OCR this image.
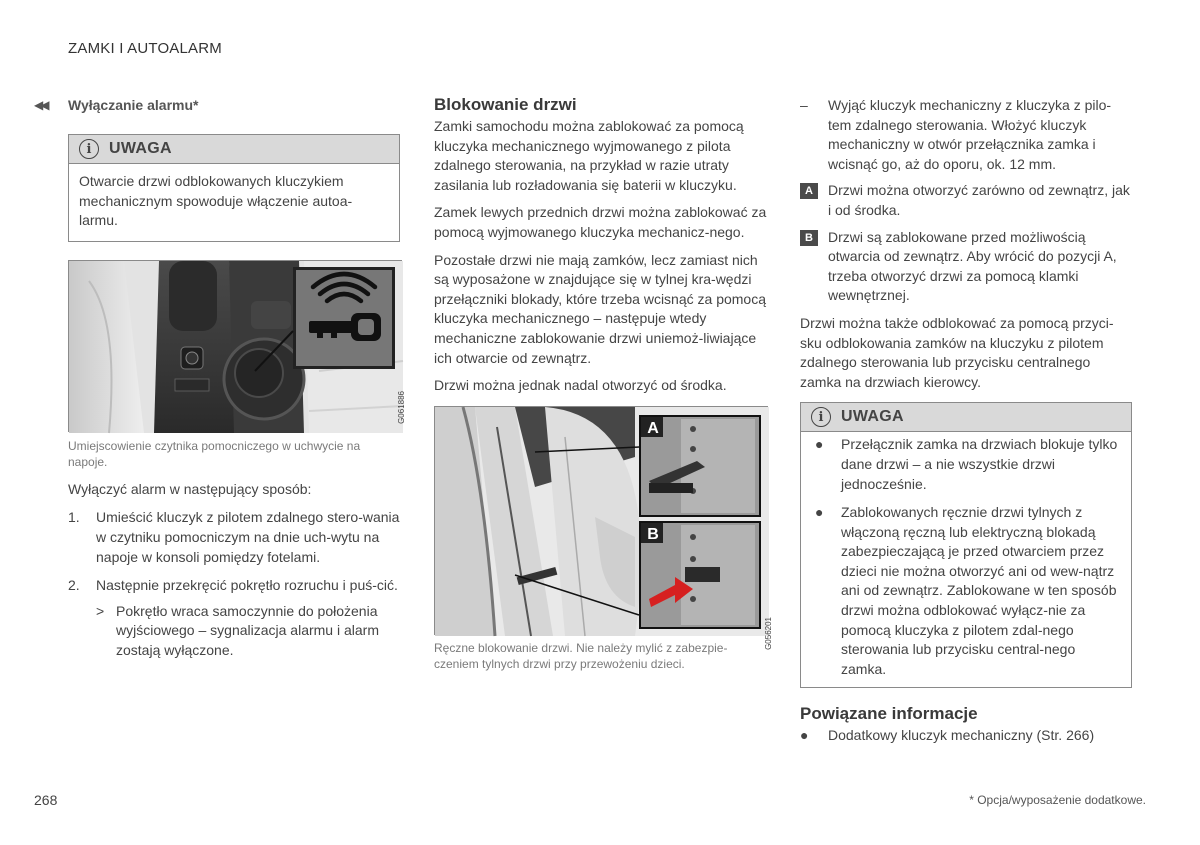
ZAMKI I AUTOALARM
◀◀ Wyłączanie alarmu*
i	UWAGA

Otwarcie drzwi odblokowanych kluczykiem mechanicznym spowoduje włączenie autoa-larmu.

G061886
Umiejscowienie czytnika pomocniczego w uchwycie na napoje.

Wyłączyć alarm w następujący sposób:

1. Umieścić kluczyk z pilotem zdalnego stero-wania w czytniku pomocniczym na dnie uch-wytu na napoje w konsoli pomiędzy fotelami.
2. Następnie przekręcić pokrętło rozruchu i puś-cić.
> Pokrętło wraca samoczynnie do położenia wyjściowego – sygnalizacja alarmu i alarm zostają wyłączone.
Blokowanie drzwi

Zamki samochodu można zablokować za pomocą kluczyka mechanicznego wyjmowanego z pilota zdalnego sterowania, na przykład w razie utraty zasilania lub rozładowania się baterii w kluczyku.

Zamek lewych przednich drzwi można zablokować za pomocą wyjmowanego kluczyka mechanicz-nego.

Pozostałe drzwi nie mają zamków, lecz zamiast nich są wyposażone w znajdujące się w tylnej kra-wędzi przełączniki blokady, które trzeba wcisnąć za pomocą kluczyka mechanicznego – następuje wtedy mechaniczne zablokowanie drzwi uniemoż-liwiające ich otwarcie od zewnątrz.

Drzwi można jednak nadal otworzyć od środka.

A
B
G056201
Ręczne blokowanie drzwi. Nie należy mylić z zabezpie-czeniem tylnych drzwi przy przewożeniu dzieci.
– Wyjąć kluczyk mechaniczny z kluczyka z pilo-tem zdalnego sterowania. Włożyć kluczyk mechaniczny w otwór przełącznika zamka i wcisnąć go, aż do oporu, ok. 12 mm.
A	Drzwi można otworzyć zarówno od zewnątrz, jak i od środka.
B	Drzwi są zablokowane przed możliwością otwarcia od zewnątrz. Aby wrócić do pozycji A, trzeba otworzyć drzwi za pomocą klamki wewnętrznej.

Drzwi można także odblokować za pomocą przyci-sku odblokowania zamków na kluczyku z pilotem zdalnego sterowania lub przycisku centralnego zamka na drzwiach kierowcy.

i	UWAGA
● Przełącznik zamka na drzwiach blokuje tylko dane drzwi – a nie wszystkie drzwi jednocześnie.
● Zablokowanych ręcznie drzwi tylnych z włączoną ręczną lub elektryczną blokadą zabezpieczającą je przed otwarciem przez dzieci nie można otworzyć ani od wew-nątrz ani od zewnątrz. Zablokowane w ten sposób drzwi można odblokować wyłącz-nie za pomocą kluczyka z pilotem zdal-nego sterowania lub przycisku central-nego zamka.
Powiązane informacje
● Dodatkowy kluczyk mechaniczny (Str. 266)
268	* Opcja/wyposażenie dodatkowe.
